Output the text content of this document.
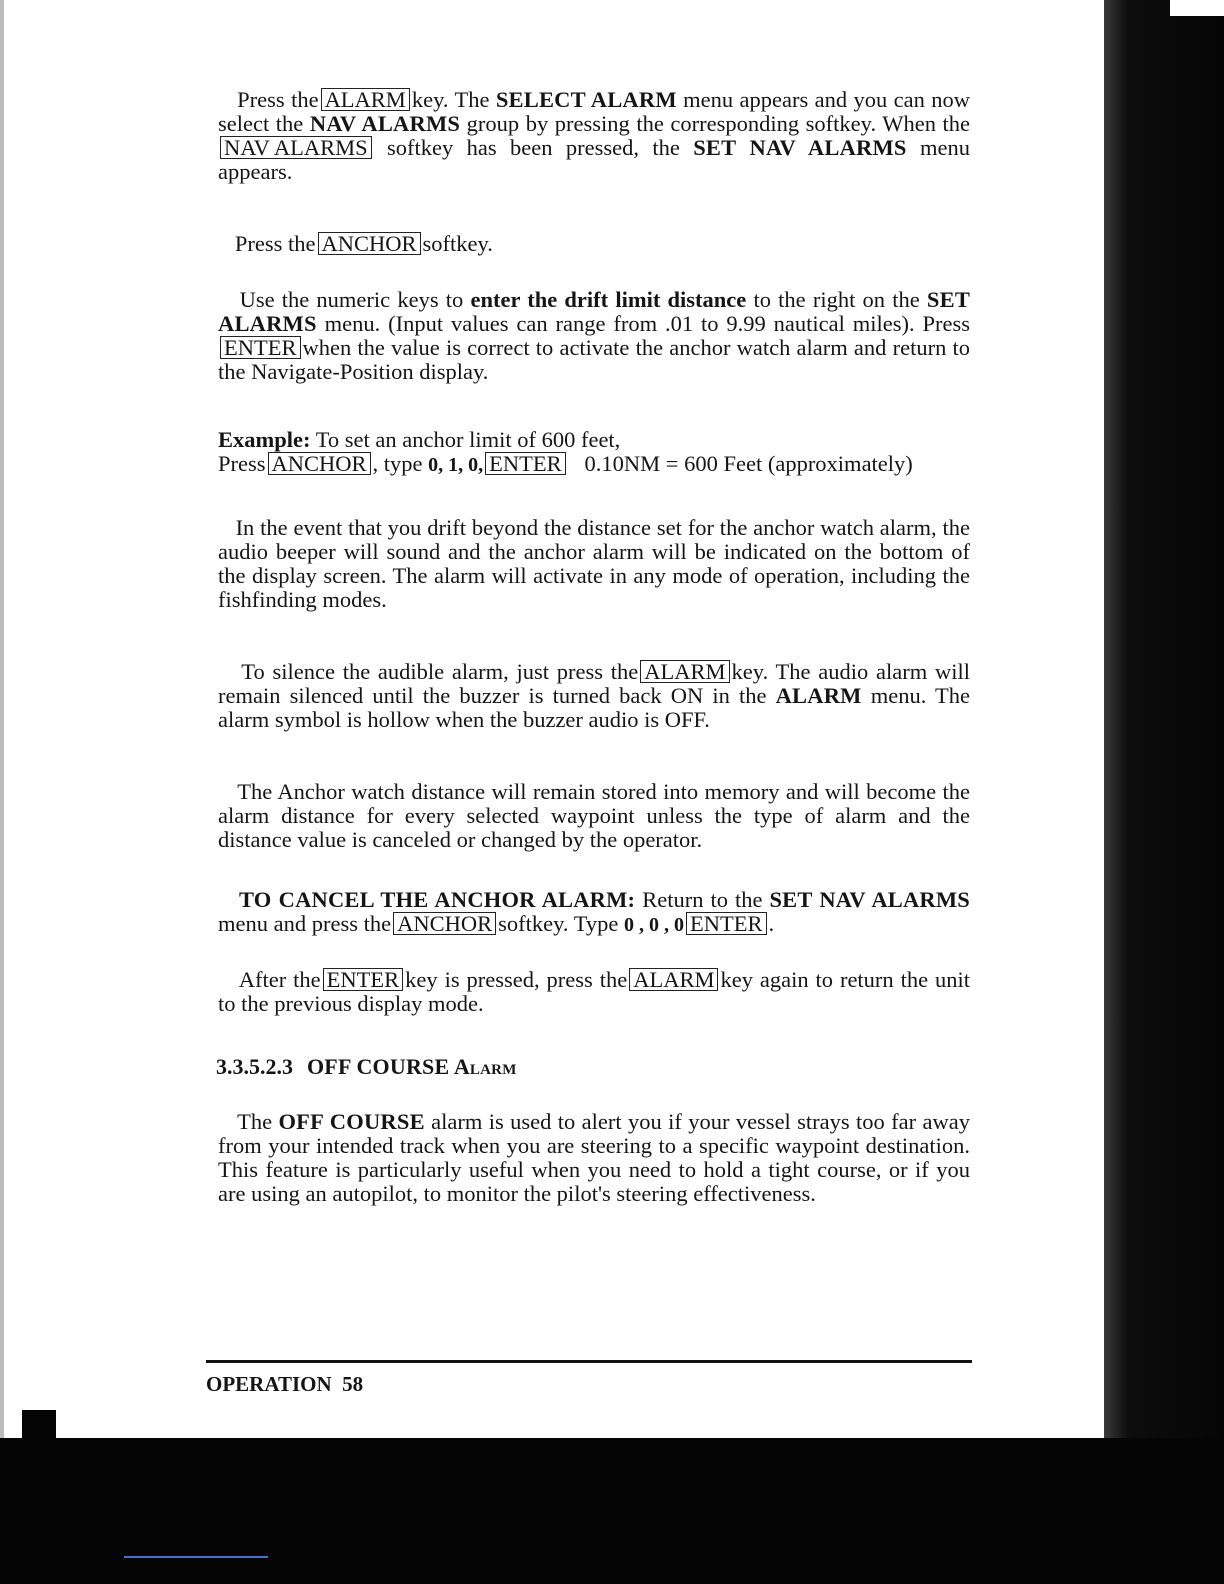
Press the ALARM key. The SELECT ALARM menu appears and you can now select the NAV ALARMS group by pressing the corresponding softkey. When the NAV ALARMS softkey has been pressed, the SET NAV ALARMS menu appears.
Press the ANCHOR softkey.
Use the numeric keys to enter the drift limit distance to the right on the SET ALARMS menu. (Input values can range from .01 to 9.99 nautical miles). PressENTER when the value is correct to activate the anchor watch alarm and return to the Navigate-Position display.
Example: To set an anchor limit of 600 feet,
Press ANCHOR , type 0, 1, 0, ENTER 0.10NM = 600 Feet (approximately)
In the event that you drift beyond the distance set for the anchor watch alarm, the audio beeper will sound and the anchor alarm will be indicated on the bottom of the display screen. The alarm will activate in any mode of operation, including the fishfinding modes.
To silence the audible alarm, just press the ALARM key. The audio alarm will remain silenced until the buzzer is turned back ON in the ALARM menu. The alarm symbol is hollow when the buzzer audio is OFF.
The Anchor watch distance will remain stored into memory and will become the alarm distance for every selected waypoint unless the type of alarm and the distance value is canceled or changed by the operator.
TO CANCEL THE ANCHOR ALARM: Return to the SET NAV ALARMS menu and press the ANCHOR softkey. Type 0 , 0 , 0 ENTER .
After the ENTER key is pressed, press the ALARM key again to return the unit to the previous display mode.
3.3.5.2.3 OFF COURSE Alarm
The OFF COURSE alarm is used to alert you if your vessel strays too far away from your intended track when you are steering to a specific waypoint destination. This feature is particularly useful when you need to hold a tight course, or if you are using an autopilot, to monitor the pilot's steering effectiveness.
OPERATION 58
